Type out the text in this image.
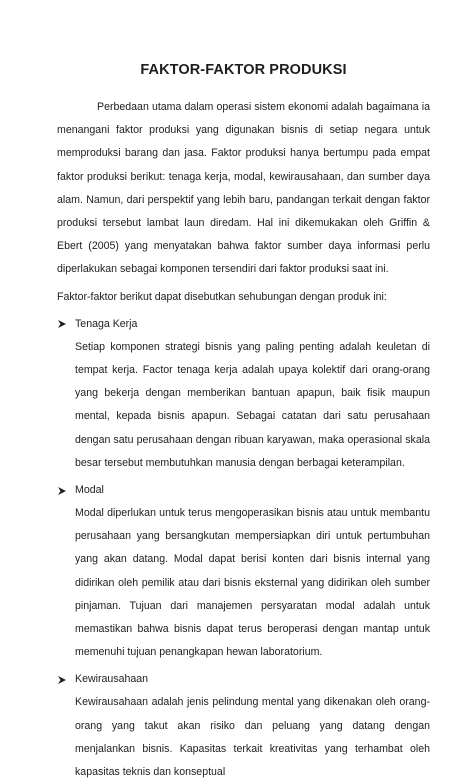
FAKTOR-FAKTOR PRODUKSI

Perbedaan utama dalam operasi sistem ekonomi adalah bagaimana ia menangani faktor produksi yang digunakan bisnis di setiap negara untuk memproduksi barang dan jasa. Faktor produksi hanya bertumpu pada empat faktor produksi berikut: tenaga kerja, modal, kewirausahaan, dan sumber daya alam. Namun, dari perspektif yang lebih baru, pandangan terkait dengan faktor produksi tersebut lambat laun diredam. Hal ini dikemukakan oleh Griffin & Ebert (2005) yang menyatakan bahwa faktor sumber daya informasi perlu diperlakukan sebagai komponen tersendiri dari faktor produksi saat ini.

Faktor-faktor berikut dapat disebutkan sehubungan dengan produk ini:

Tenaga Kerja

Setiap komponen strategi bisnis yang paling penting adalah keuletan di tempat kerja. Factor tenaga kerja adalah upaya kolektif dari orang-orang yang bekerja dengan memberikan bantuan apapun, baik fisik maupun mental, kepada bisnis apapun. Sebagai catatan dari satu perusahaan dengan satu perusahaan dengan ribuan karyawan, maka operasional skala besar tersebut membutuhkan manusia dengan berbagai keterampilan.

Modal

Modal diperlukan untuk terus mengoperasikan bisnis atau untuk membantu perusahaan yang bersangkutan mempersiapkan diri untuk pertumbuhan yang akan datang. Modal dapat berisi konten dari bisnis internal yang didirikan oleh pemilik atau dari bisnis eksternal yang didirikan oleh sumber pinjaman. Tujuan dari manajemen persyaratan modal adalah untuk memastikan bahwa bisnis dapat terus beroperasi dengan mantap untuk memenuhi tujuan penangkapan hewan laboratorium.

Kewirausahaan

Kewirausahaan adalah jenis pelindung mental yang dikenakan oleh orang-orang yang takut akan risiko dan peluang yang datang dengan menjalankan bisnis. Kapasitas terkait kreativitas yang terhambat oleh kapasitas teknis dan konseptual
